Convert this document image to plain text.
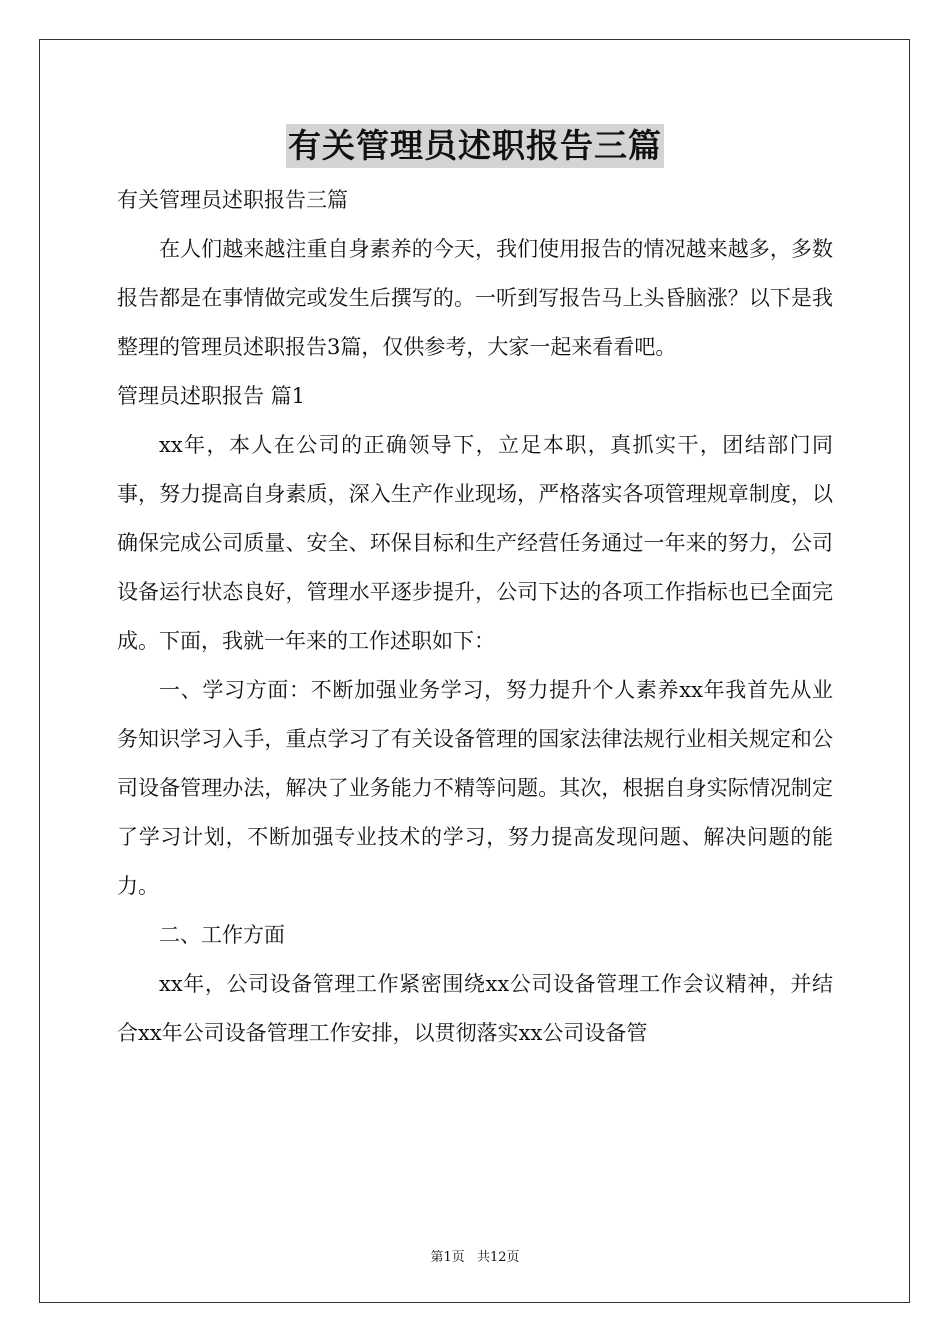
有关管理员述职报告三篇

有关管理员述职报告三篇

在人们越来越注重自身素养的今天，我们使用报告的情况越来越多，多数报告都是在事情做完或发生后撰写的。一听到写报告马上头昏脑涨？以下是我整理的管理员述职报告3篇，仅供参考，大家一起来看看吧。

管理员述职报告 篇1

xx年，本人在公司的正确领导下，立足本职，真抓实干，团结部门同事，努力提高自身素质，深入生产作业现场，严格落实各项管理规章制度，以确保完成公司质量、安全、环保目标和生产经营任务通过一年来的努力，公司设备运行状态良好，管理水平逐步提升，公司下达的各项工作指标也已全面完成。下面，我就一年来的工作述职如下：

一、学习方面：不断加强业务学习，努力提升个人素养xx年我首先从业务知识学习入手，重点学习了有关设备管理的国家法律法规行业相关规定和公司设备管理办法，解决了业务能力不精等问题。其次，根据自身实际情况制定了学习计划，不断加强专业技术的学习，努力提高发现问题、解决问题的能力。

二、工作方面

xx年，公司设备管理工作紧密围绕xx公司设备管理工作会议精神，并结合xx年公司设备管理工作安排，以贯彻落实xx公司设备管

第1页 共12页
